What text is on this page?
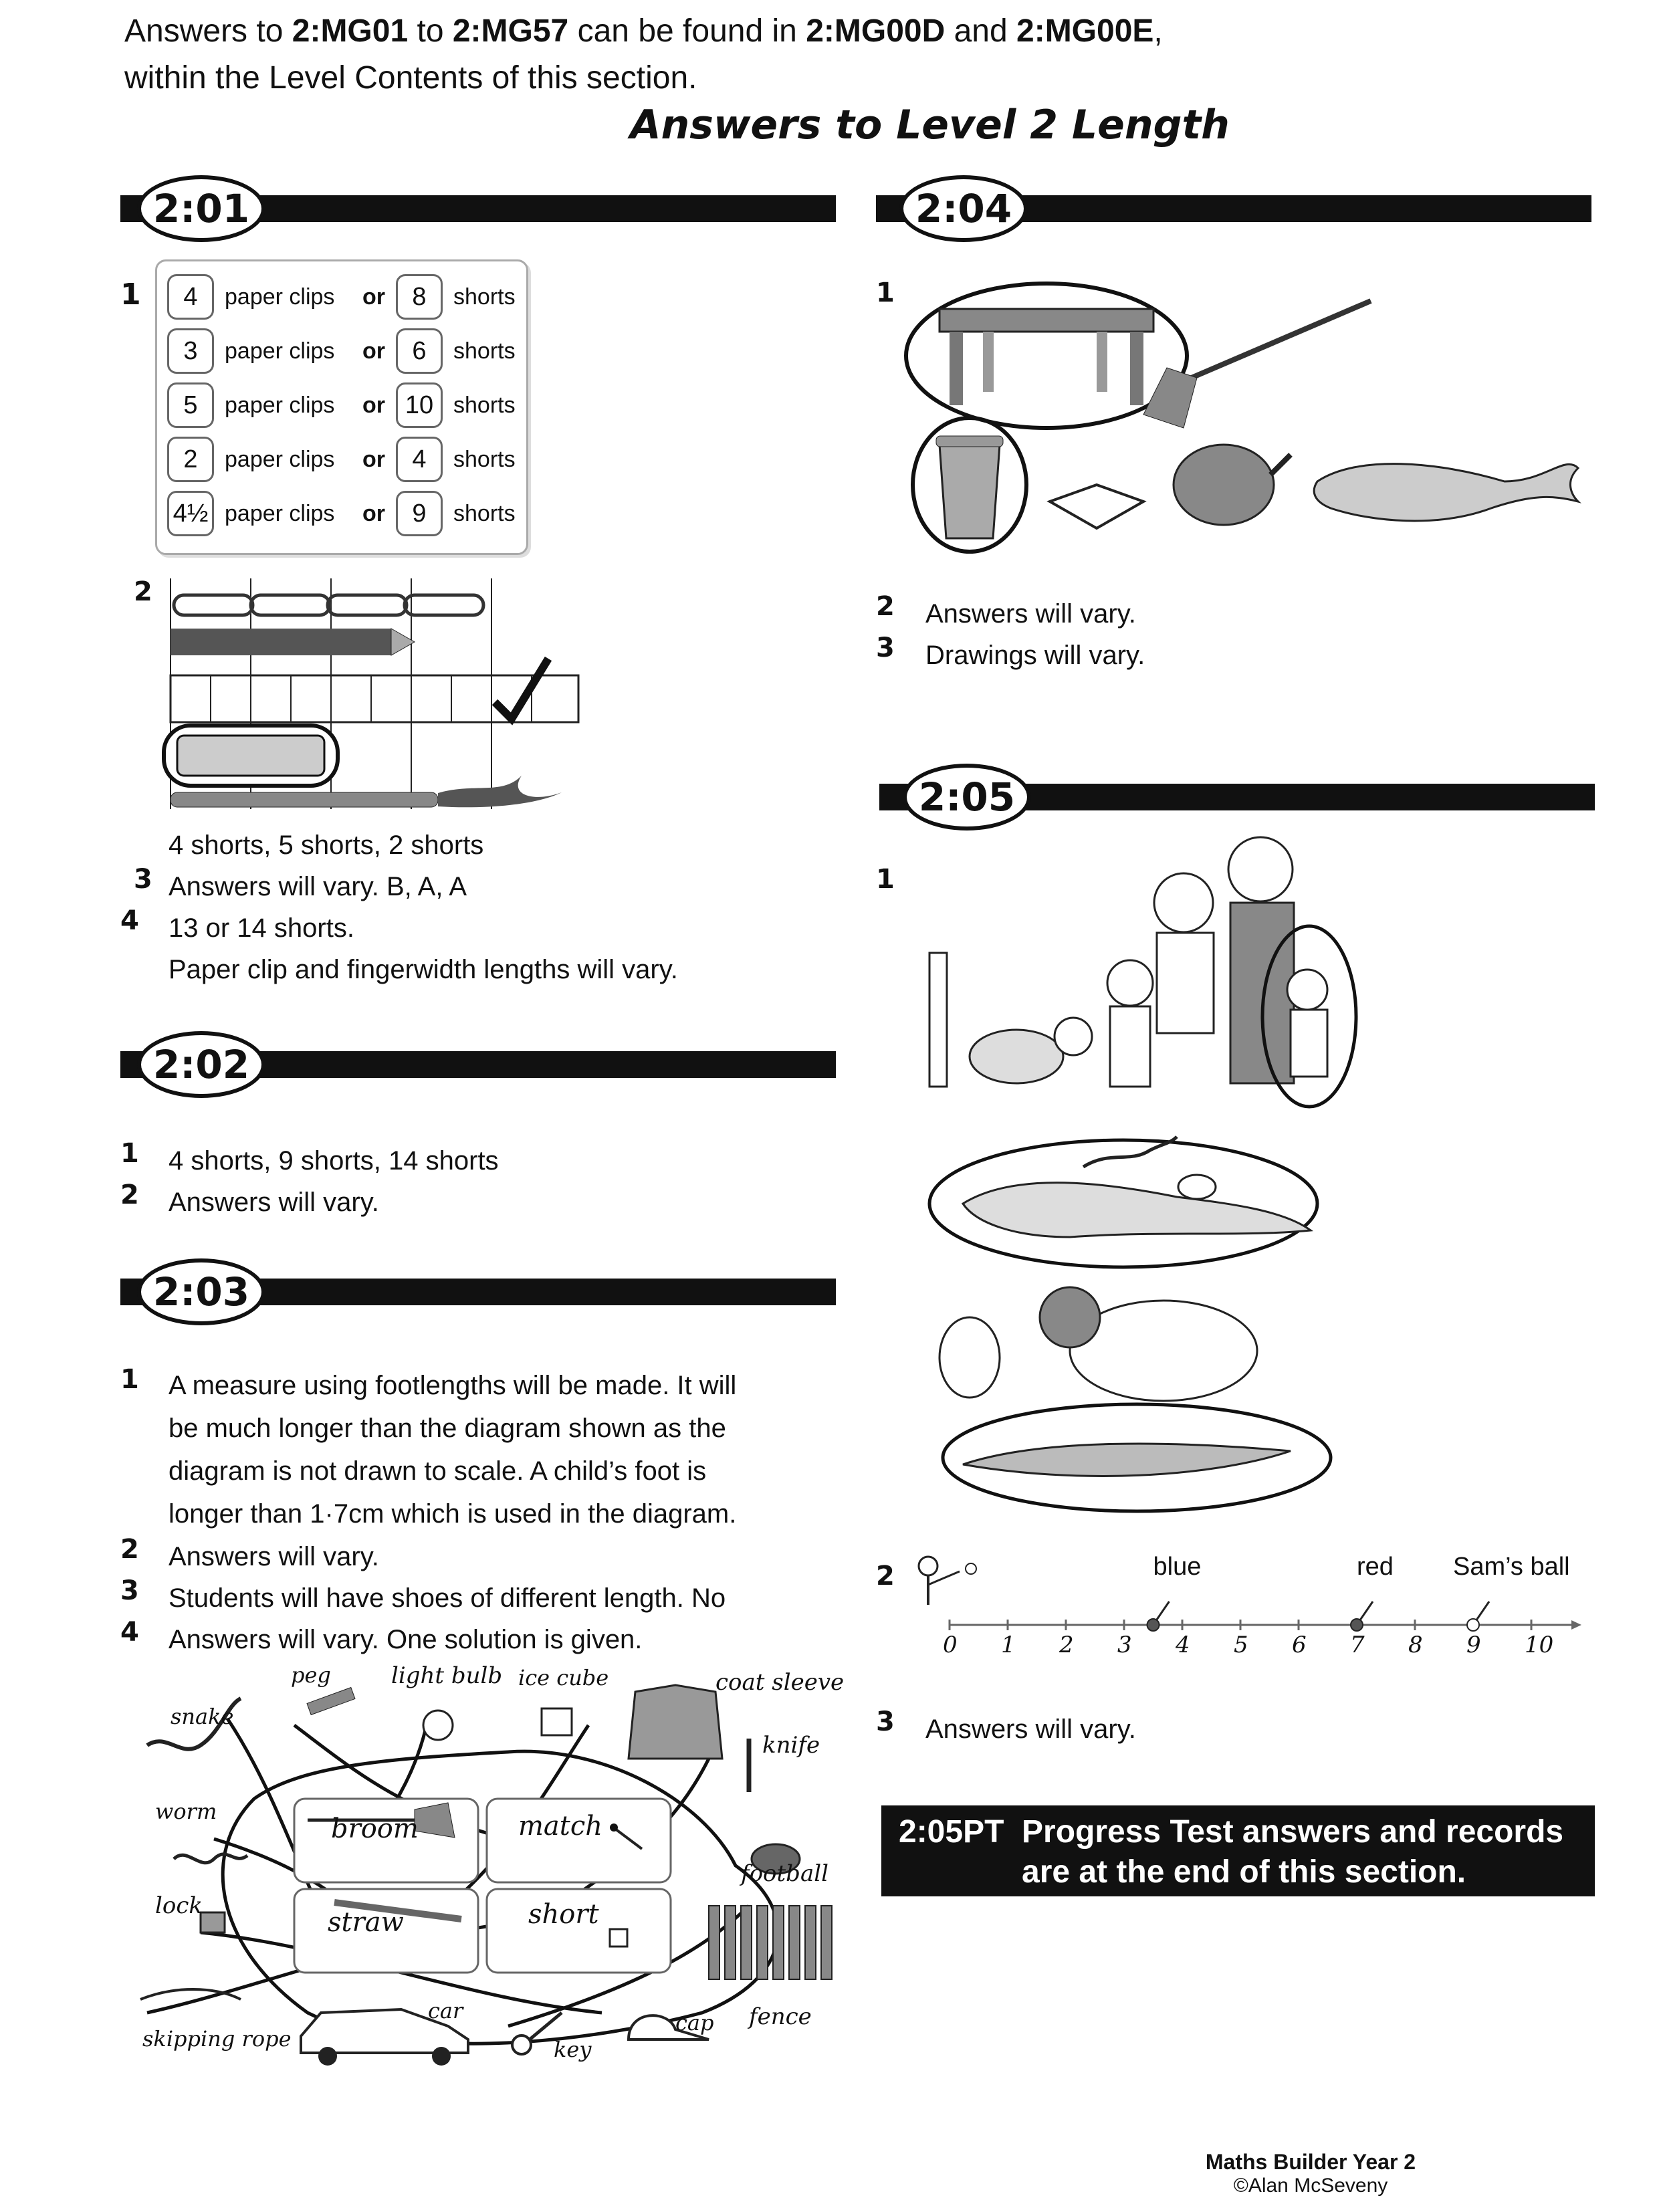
Answers to 2:MG01 to 2:MG57 can be found in 2:MG00D and 2:MG00E,
within the Level Contents of this section.
Answers to Level 2 Length
2:01
1	4	paper clips	or	8	shorts
3	paper clips	or	6	shorts
5	paper clips	or 10 shorts
2	paper clips	or	4	shorts
4½ paper clips	or	9	shorts
2
4 shorts, 5 shorts, 2 shorts
3 Answers will vary. B, A, A
4 13 or 14 shorts.
Paper clip and fingerwidth lengths will vary.
2:02
1 4 shorts, 9 shorts, 14 shorts
2 Answers will vary.
2:03
1 A measure using footlengths will be made. It will
be much longer than the diagram shown as the
diagram is not drawn to scale. A child’s foot is
longer than 1·7cm which is used in the diagram.
2 Answers will vary.
3 Students will have shoes of different length. No
4 Answers will vary. One solution is given.
peg	light bulb ice cube	coat sleeve
snake
knife
worm
football
lock
broom	match
straw	short
skipping rope
car
key
cap fence
2:04
1
2 Answers will vary.
3 Drawings will vary.
2:05
1
2
0 1 2 3 4 5 6 7 8 9 10
blue	red Sam’s ball
3 Answers will vary.
2:05PT Progress Test answers and records
are at the end of this section.
Maths Builder Year 2
©Alan McSeveny
